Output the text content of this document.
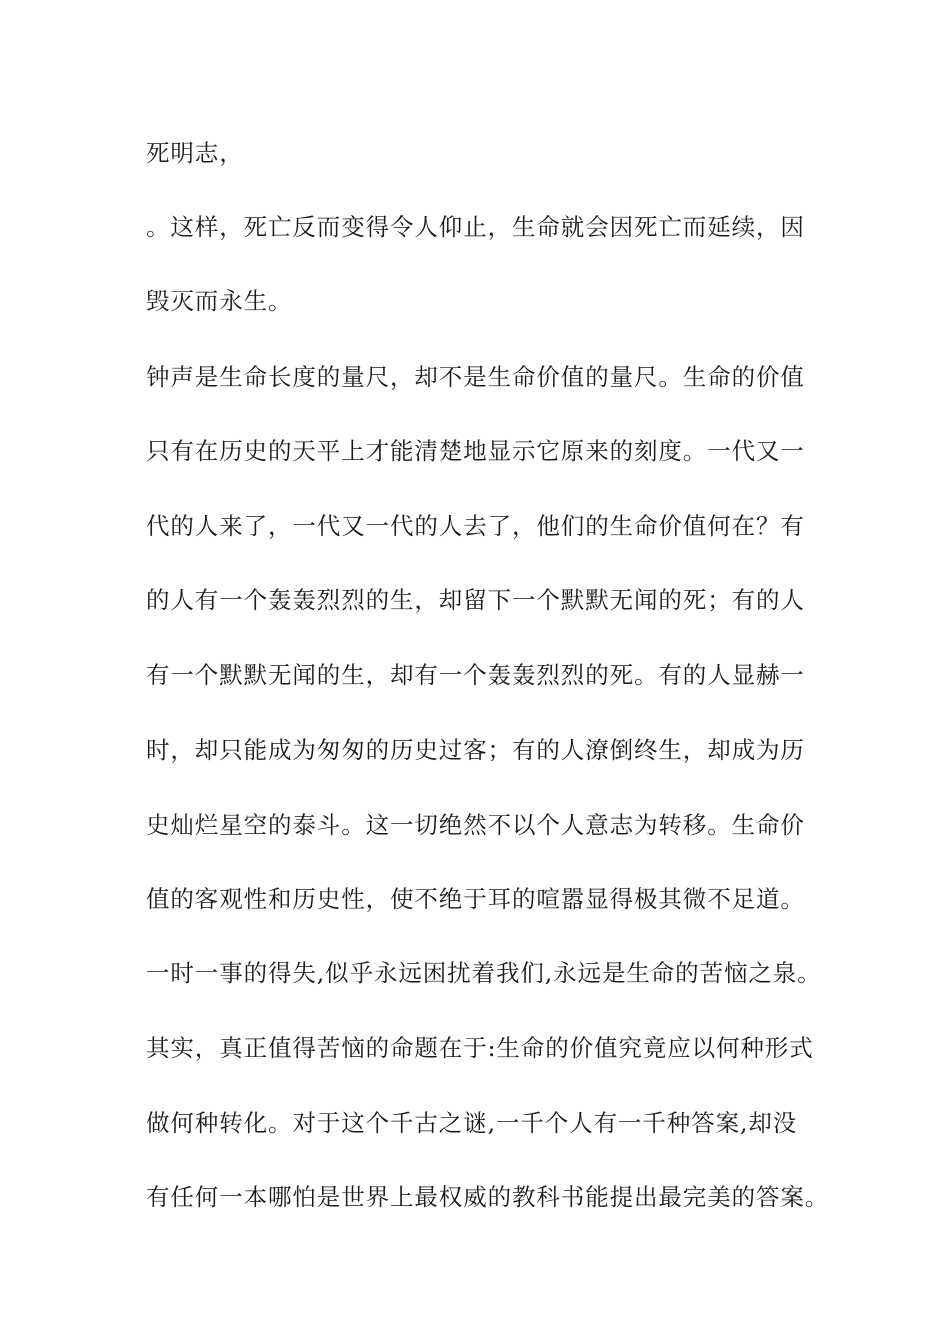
死明志，
。这样，死亡反而变得令人仰止，生命就会因死亡而延续，因
毁灭而永生。
钟声是生命长度的量尺，却不是生命价值的量尺。生命的价值
只有在历史的天平上才能清楚地显示它原来的刻度。一代又一
代的人来了，一代又一代的人去了，他们的生命价值何在？有
的人有一个轰轰烈烈的生，却留下一个默默无闻的死；有的人
有一个默默无闻的生，却有一个轰轰烈烈的死。有的人显赫一
时，却只能成为匆匆的历史过客；有的人潦倒终生，却成为历
史灿烂星空的泰斗。这一切绝然不以个人意志为转移。生命价
值的客观性和历史性，使不绝于耳的喧嚣显得极其微不足道。
一时一事的得失,似乎永远困扰着我们,永远是生命的苦恼之泉。
其实，真正值得苦恼的命题在于:生命的价值究竟应以何种形式
做何种转化。对于这个千古之谜,一千个人有一千种答案,却没
有任何一本哪怕是世界上最权威的教科书能提出最完美的答案。
